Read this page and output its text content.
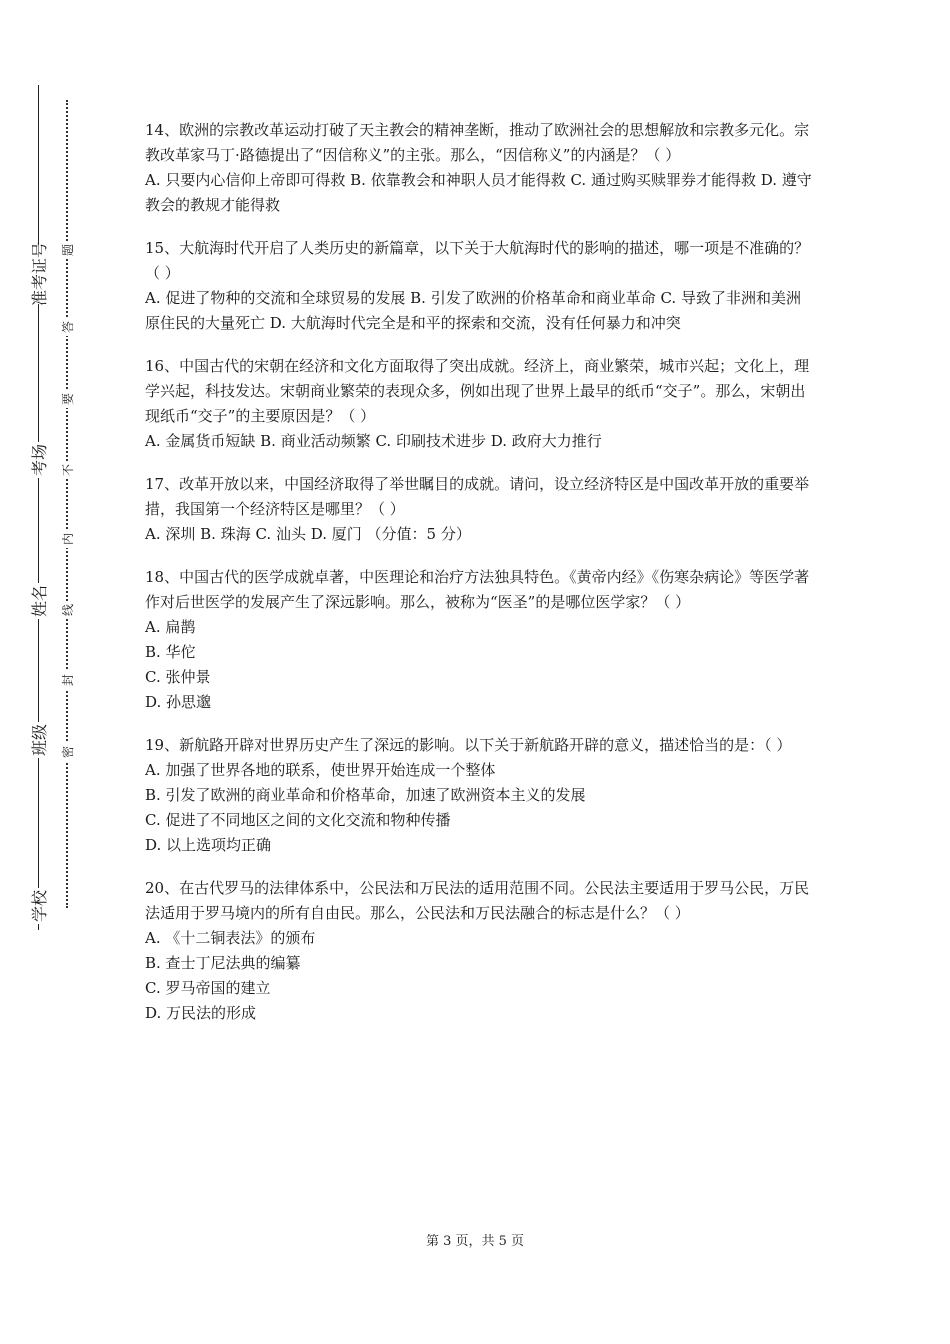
准考证号
考场
姓名
班级
学校
题
答
要
不
内
线
封
密

14、欧洲的宗教改革运动打破了天主教会的精神垄断，推动了欧洲社会的思想解放和宗教多元化。宗教改革家马丁·路德提出了“因信称义”的主张。那么，“因信称义”的内涵是？（ ）

A. 只要内心信仰上帝即可得救 B. 依靠教会和神职人员才能得救 C. 通过购买赎罪券才能得救 D. 遵守教会的教规才能得救

15、大航海时代开启了人类历史的新篇章，以下关于大航海时代的影响的描述，哪一项是不准确的？（ ）

A. 促进了物种的交流和全球贸易的发展 B. 引发了欧洲的价格革命和商业革命 C. 导致了非洲和美洲原住民的大量死亡 D. 大航海时代完全是和平的探索和交流，没有任何暴力和冲突

16、中国古代的宋朝在经济和文化方面取得了突出成就。经济上，商业繁荣，城市兴起；文化上，理学兴起，科技发达。宋朝商业繁荣的表现众多，例如出现了世界上最早的纸币“交子”。那么，宋朝出现纸币“交子”的主要原因是？（ ）

A. 金属货币短缺 B. 商业活动频繁 C. 印刷技术进步 D. 政府大力推行

17、改革开放以来，中国经济取得了举世瞩目的成就。请问，设立经济特区是中国改革开放的重要举措，我国第一个经济特区是哪里？（ ）

A. 深圳 B. 珠海 C. 汕头 D. 厦门 （分值：5 分）

18、中国古代的医学成就卓著，中医理论和治疗方法独具特色。《黄帝内经》《伤寒杂病论》等医学著作对后世医学的发展产生了深远影响。那么，被称为“医圣”的是哪位医学家？（ ）

A. 扁鹊

B. 华佗

C. 张仲景

D. 孙思邈

19、新航路开辟对世界历史产生了深远的影响。以下关于新航路开辟的意义，描述恰当的是：（ ）

A. 加强了世界各地的联系，使世界开始连成一个整体

B. 引发了欧洲的商业革命和价格革命，加速了欧洲资本主义的发展

C. 促进了不同地区之间的文化交流和物种传播

D. 以上选项均正确

20、在古代罗马的法律体系中，公民法和万民法的适用范围不同。公民法主要适用于罗马公民，万民法适用于罗马境内的所有自由民。那么，公民法和万民法融合的标志是什么？（ ）

A. 《十二铜表法》的颁布

B. 查士丁尼法典的编纂

C. 罗马帝国的建立

D. 万民法的形成

第 3 页，共 5 页
